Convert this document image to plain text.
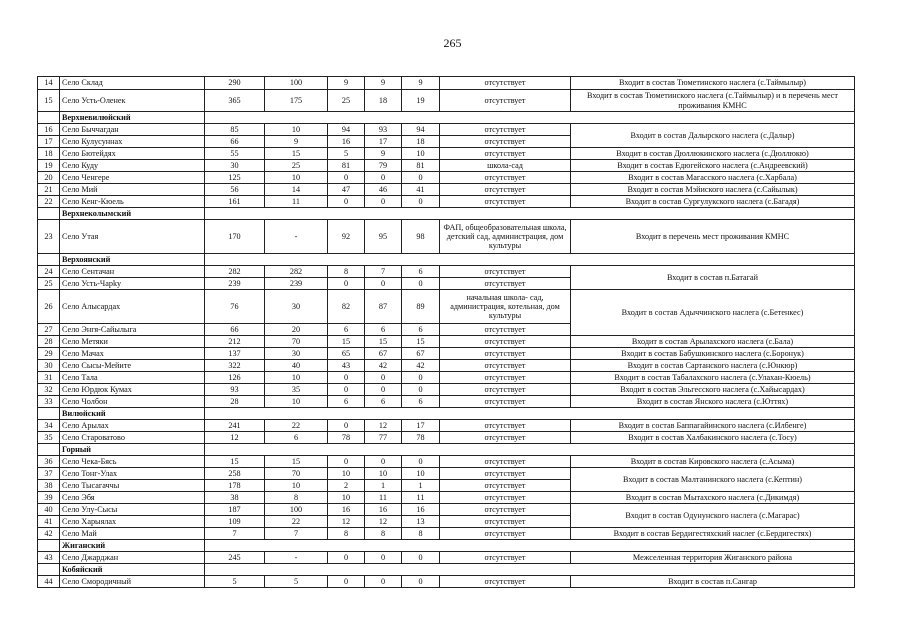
265
14	Село Склад	290	100	9	9	9	отсутствует	Входит в состав Тюметинского наслега (с.Таймылыр)
15	Село Усть-Оленек	365	175	25	18	19	отсутствует	Входит в состав Тюметинского наслега (с.Таймылыр) и в перечень мест проживания КМНС
	Верхневилюйский							
16	Село Быччагдан	85	10	94	93	94	отсутствует	Входит в состав Далырского наслега (с.Далыр)
17	Село Кулусуннах	66	9	16	17	18	отсутствует	
18	Село Бютейдях	55	15	5	9	10	отсутствует	Входит в состав Дюллюкинского наслега (с.Дюллюкю)
19	Село Куду	30	25	81	79	81	школа-сад	Входит в состав Едюгейского наслега (с.Андреевский)
20	Село Ченгере	125	10	0	0	0	отсутствует	Входит в состав Магасского наслега (с.Харбала)
21	Село Мий	56	14	47	46	41	отсутствует	Входит в состав Мэйиского наслега (с.Сайылык)
22	Село Кенг-Кюель	161	11	0	0	0	отсутствует	Входит в состав Сургулукского наслега (с.Багадя)
	Верхнеколымский							
23	Село Утая	170	-	92	95	98	ФАП, общеобразовательная школа, детский сад, администрация, дом культуры	Входит в перечень мест проживания КМНС
	Верхоянский							
24	Село Сентачан	282	282	8	7	6	отсутствует	Входит в состав п.Батагай
25	Село Усть-Чарky	239	239	0	0	0	отсутствует	
26	Село Алысардах	76	30	82	87	89	начальная школа- сад, администрация, котельная, дом культуры	Входит в состав Адыччинского наслега (с.Бетенкес)
27	Село Энгя-Сайылыга	66	20	6	6	6	отсутствует	
28	Село Метяки	212	70	15	15	15	отсутствует	Входит в состав Арылахского наслега (с.Бала)
29	Село Мачах	137	30	65	67	67	отсутствует	Входит в состав Бабушкинского наслега (с.Боронук)
30	Село Сысы-Мейите	322	40	43	42	42	отсутствует	Входит в состав Сартанского наслега (с.Юнкюр)
31	Село Тала	126	10	0	0	0	отсутствует	Входит в состав Табалахского наслега (с.Улахан-Кюель)
32	Село Юрдюк Кумах	93	35	0	0	0	отсутствует	Входит в состав Эльгесского наслега (с.Хайысардах)
33	Село Чолбон	28	10	6	6	6	отсутствует	Входит в состав Янского наслега (с.Юттях)
	Вилюйский							
34	Село Арылах	241	22	0	12	17	отсутствует	Входит в состав Баппагайинского наслега (с.Илбенге)
35	Село Староватово	12	6	78	77	78	отсутствует	Входит в состав Халбакинского наслега (с.Тосу)
	Горный							
36	Село Чека-Бясь	15	15	0	0	0	отсутствует	Входит в состав Кировского наслега (с.Асыма)
37	Село Тонг-Улах	258	70	10	10	10	отсутствует	Входит в состав Малтанинского наслега (с.Кептин)
38	Село Тысагаччы	178	10	2	1	1	отсутствует	
39	Село Эбя	38	8	10	11	11	отсутствует	Входит в состав Мытахского наслега (с.Дикимдя)
40	Село Улу-Сысы	187	100	16	16	16	отсутствует	Входит в состав Одунунского наслега (с.Магарас)
41	Село Харыялах	109	22	12	12	13	отсутствует	
42	Село Май	7	7	8	8	8	отсутствует	Входит в состав Бердигестяхский наслег (с.Бердигестях)
	Жиганский							
43	Село Джарджан	245	-	0	0	0	отсутствует	Межселенная территория Жиганского района
	Кобяйский							
44	Село Смородичный	5	5	0	0	0	отсутствует	Входит в состав п.Сангар
